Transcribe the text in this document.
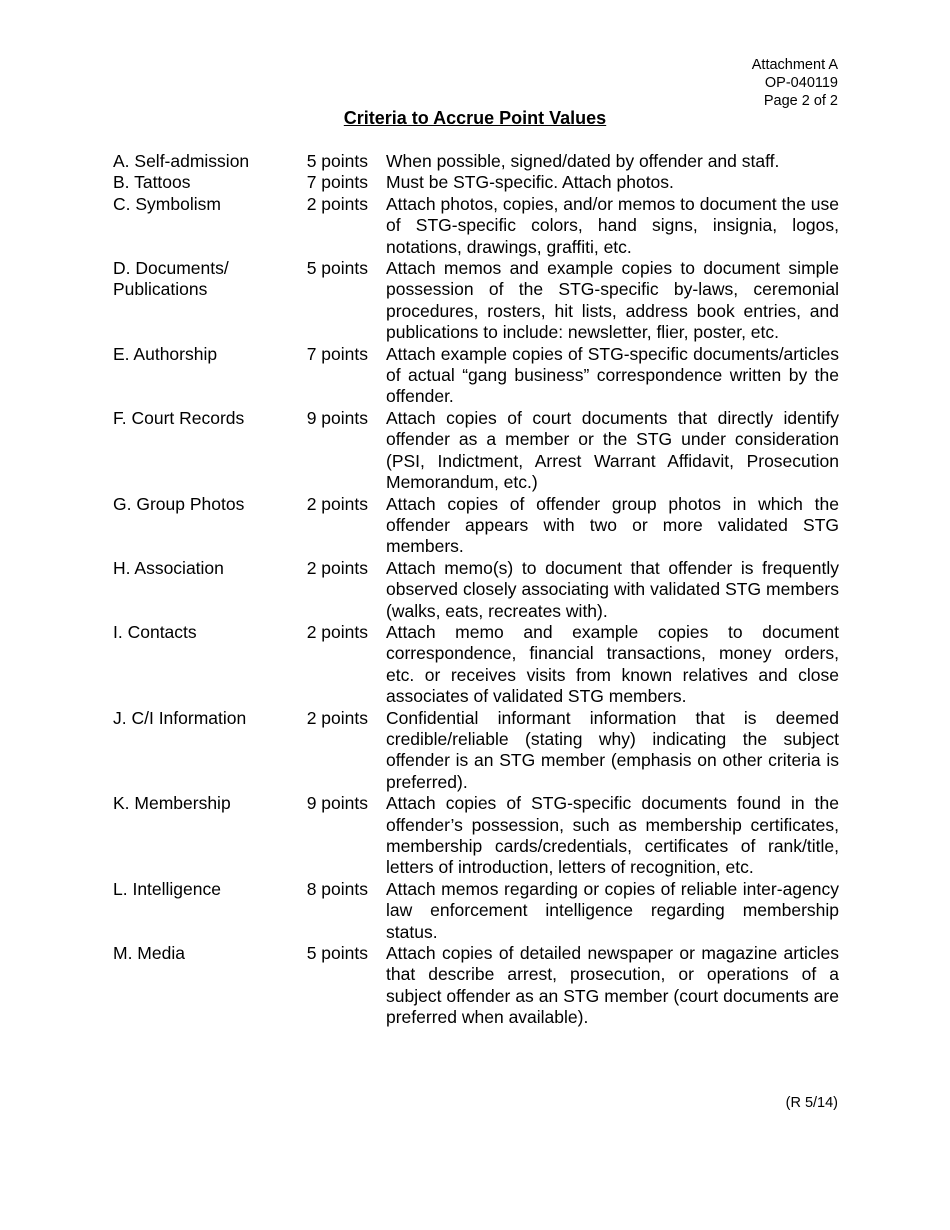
Attachment A
OP-040119
Page 2 of 2
Criteria to Accrue Point Values
A. Self-admission	5 points When possible, signed/dated by offender and staff.
B. Tattoos	7 points Must be STG-specific. Attach photos.
C. Symbolism	2 points Attach photos, copies, and/or memos to document the use of STG-specific colors, hand signs, insignia, logos, notations, drawings, graffiti, etc.
D. Documents/
Publications
5 points Attach memos and example copies to document simple possession of the STG-specific by-laws, ceremonial procedures, rosters, hit lists, address book entries, and publications to include: newsletter, flier, poster, etc.
E. Authorship	7 points Attach example copies of STG-specific documents/articles of actual “gang business” correspondence written by the offender.
F. Court Records	9 points Attach copies of court documents that directly identify offender as a member or the STG under consideration (PSI, Indictment, Arrest Warrant Affidavit, Prosecution Memorandum, etc.)
G. Group Photos	2 points Attach copies of offender group photos in which the offender appears with two or more validated STG members.
H. Association	2 points Attach memo(s) to document that offender is frequently observed closely associating with validated STG members (walks, eats, recreates with).
I. Contacts	2 points Attach memo and example copies to document correspondence, financial transactions, money orders, etc. or receives visits from known relatives and close associates of validated STG members.
J. C/I Information	2 points Confidential informant information that is deemed credible/reliable (stating why) indicating the subject offender is an STG member (emphasis on other criteria is preferred).
K. Membership	9 points Attach copies of STG-specific documents found in the offender’s possession, such as membership certificates, membership cards/credentials, certificates of rank/title, letters of introduction, letters of recognition, etc.
L. Intelligence	8 points Attach memos regarding or copies of reliable inter-agency law enforcement intelligence regarding membership status.
M. Media	5 points Attach copies of detailed newspaper or magazine articles that describe arrest, prosecution, or operations of a subject offender as an STG member (court documents are preferred when available).
(R 5/14)
